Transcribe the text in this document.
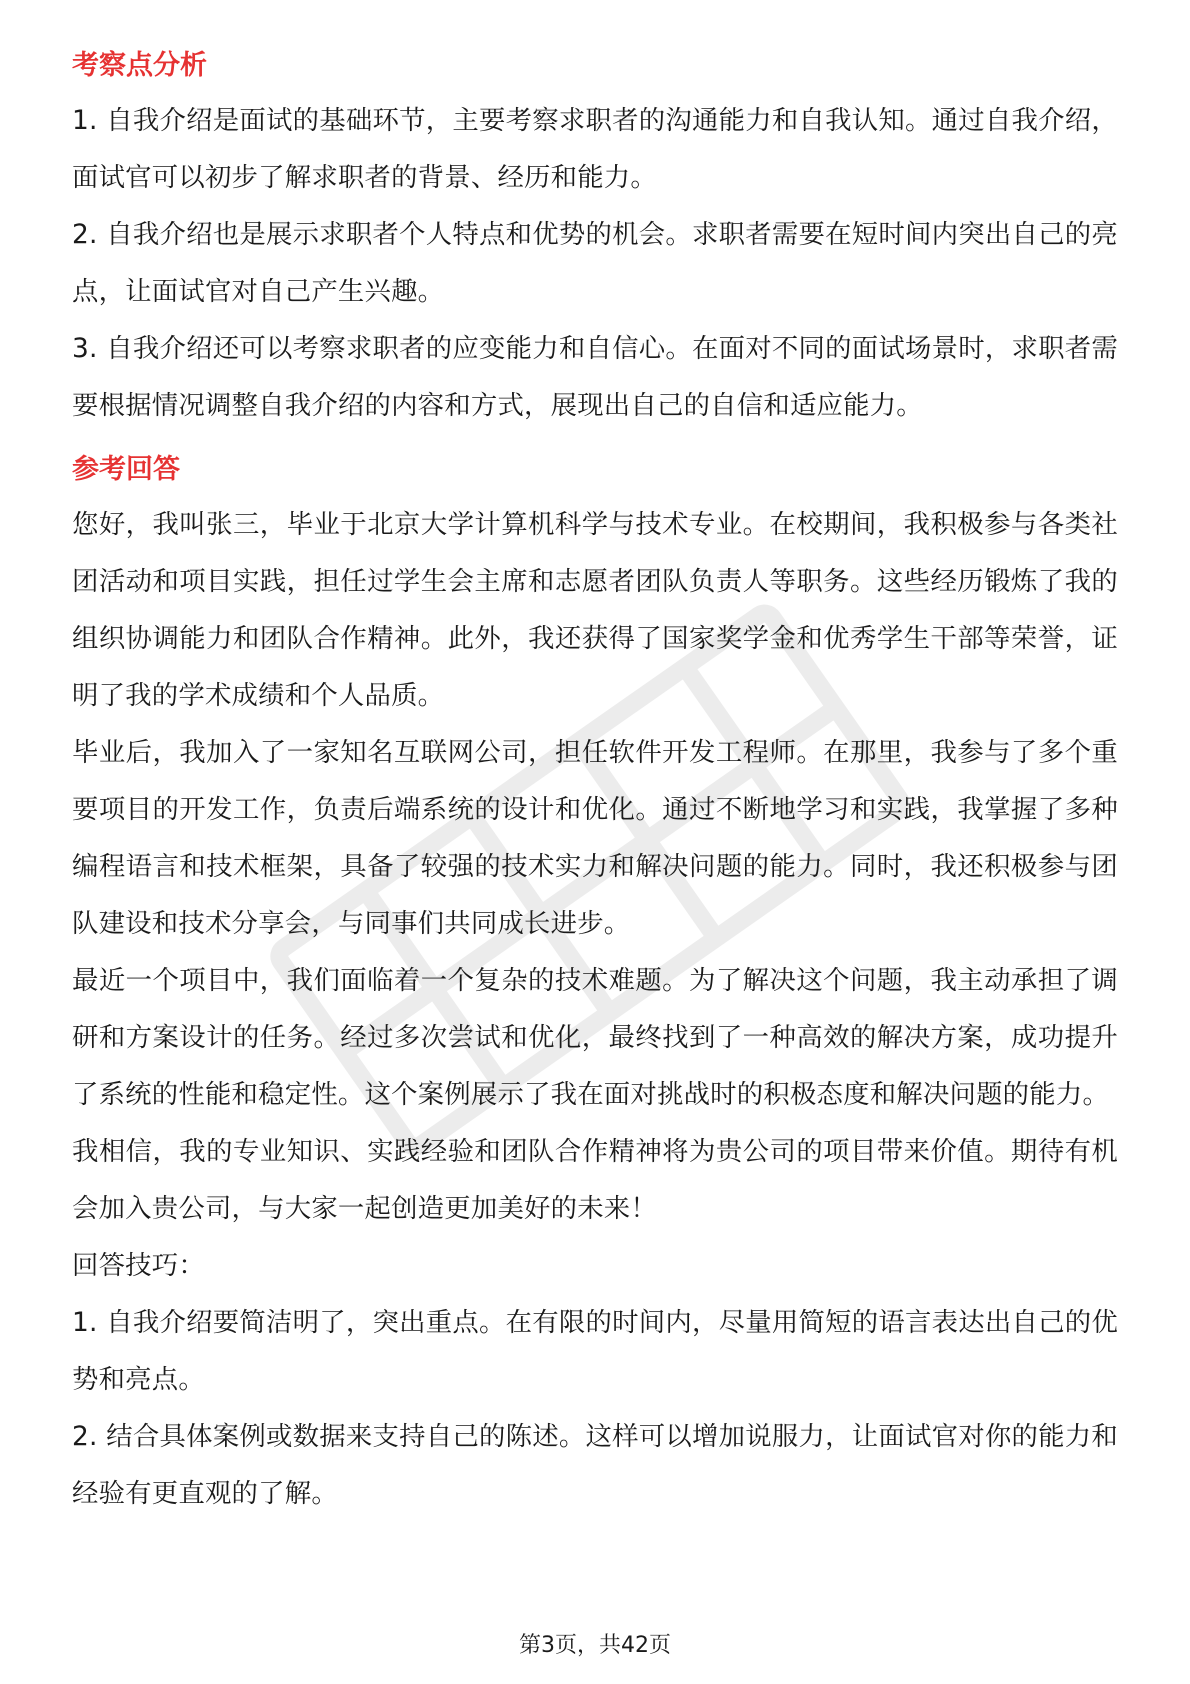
考察点分析

1. 自我介绍是面试的基础环节，主要考察求职者的沟通能力和自我认知。通过自我介绍，面试官可以初步了解求职者的背景、经历和能力。

2. 自我介绍也是展示求职者个人特点和优势的机会。求职者需要在短时间内突出自己的亮点，让面试官对自己产生兴趣。

3. 自我介绍还可以考察求职者的应变能力和自信心。在面对不同的面试场景时，求职者需要根据情况调整自我介绍的内容和方式，展现出自己的自信和适应能力。

参考回答

您好，我叫张三，毕业于北京大学计算机科学与技术专业。在校期间，我积极参与各类社团活动和项目实践，担任过学生会主席和志愿者团队负责人等职务。这些经历锻炼了我的组织协调能力和团队合作精神。此外，我还获得了国家奖学金和优秀学生干部等荣誉，证明了我的学术成绩和个人品质。

毕业后，我加入了一家知名互联网公司，担任软件开发工程师。在那里，我参与了多个重要项目的开发工作，负责后端系统的设计和优化。通过不断地学习和实践，我掌握了多种编程语言和技术框架，具备了较强的技术实力和解决问题的能力。同时，我还积极参与团队建设和技术分享会，与同事们共同成长进步。

最近一个项目中，我们面临着一个复杂的技术难题。为了解决这个问题，我主动承担了调研和方案设计的任务。经过多次尝试和优化，最终找到了一种高效的解决方案，成功提升了系统的性能和稳定性。这个案例展示了我在面对挑战时的积极态度和解决问题的能力。

我相信，我的专业知识、实践经验和团队合作精神将为贵公司的项目带来价值。期待有机会加入贵公司，与大家一起创造更加美好的未来！

回答技巧：

1. 自我介绍要简洁明了，突出重点。在有限的时间内，尽量用简短的语言表达出自己的优势和亮点。

2. 结合具体案例或数据来支持自己的陈述。这样可以增加说服力，让面试官对你的能力和经验有更直观的了解。

第3页，共42页
